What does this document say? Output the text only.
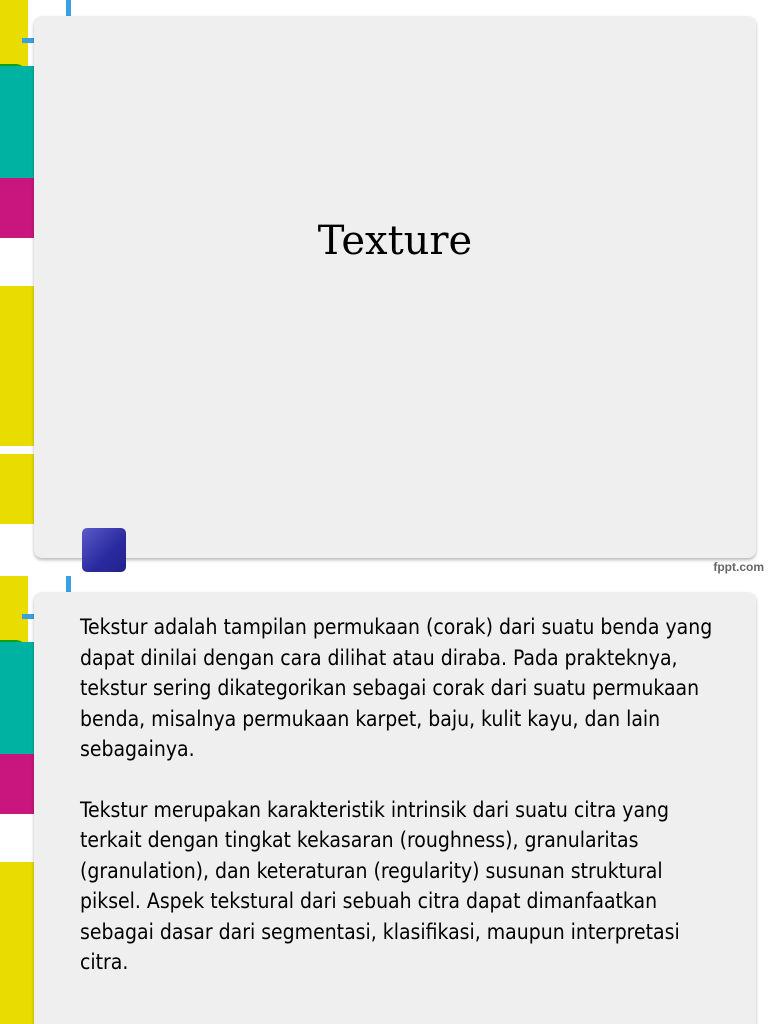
Texture
fppt.com

Tekstur adalah tampilan permukaan (corak) dari suatu benda yang dapat dinilai dengan cara dilihat atau diraba. Pada prakteknya, tekstur sering dikategorikan sebagai corak dari suatu permukaan benda, misalnya permukaan karpet, baju, kulit kayu, dan lain sebagainya.

Tekstur merupakan karakteristik intrinsik dari suatu citra yang terkait dengan tingkat kekasaran (roughness), granularitas (granulation), dan keteraturan (regularity) susunan struktural piksel. Aspek tekstural dari sebuah citra dapat dimanfaatkan sebagai dasar dari segmentasi, klasifikasi, maupun interpretasi citra.
